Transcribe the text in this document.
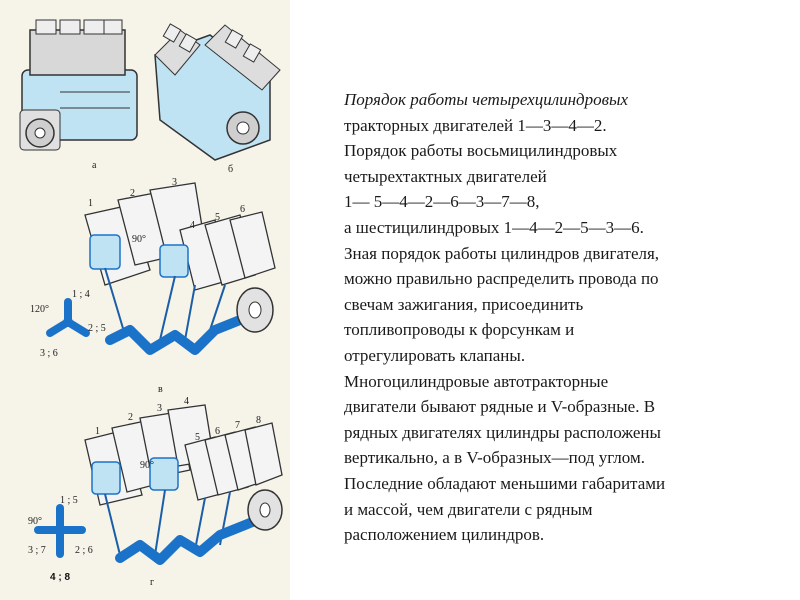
а	б
1
2
3
4
5
6
90°
120°
1 ; 4
2 ; 5
3 ; 6
в
1
2
3
4
5
6
7 8
90°
90°
1 ; 5
3 ; 7	2 ; 6
4 ; 8	г

Порядок работы четырехцилиндровых

тракторных двигателей 1—3—4—2.

Порядок работы восьмицилиндровых

четырехтактных двигателей

1— 5—4—2—6—3—7—8,

а шестицилиндровых 1—4—2—5—3—6.

Зная порядок работы цилиндров двигателя,

можно правильно распределить провода по

свечам зажигания, присоединить

топливопроводы к форсункам и

отрегулировать клапаны.

Многоцилиндровые автотракторные

двигатели бывают рядные и V-образные. В

рядных двигателях цилиндры расположены

вертикально, а в V-образных—под углом.

Последние обладают меньшими габаритами

и массой, чем двигатели с рядным

расположением цилиндров.
